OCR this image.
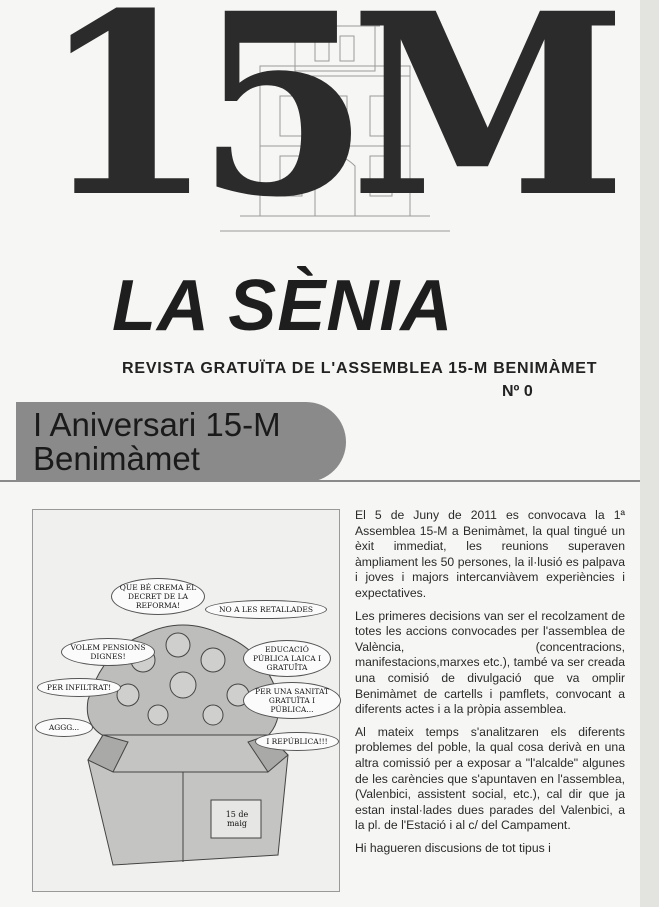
15
M
LA SÈNIA
REVISTA GRATUÏTA DE L'ASSEMBLEA 15-M BENIMÀMET
Nº 0
I Aniversari 15-M
Benimàmet
15 de maig
QUE BÉ CREMA EL DECRET DE LA REFORMA!	NO A LES RETALLADES
VOLEM PENSIONS DIGNES!
EDUCACIÓ PÚBLICA LAICA I GRATUÏTA
PER INFILTRAT!	PER UNA SANITAT GRATUÏTA I PÚBLICA...
AGGG...
I REPÚBLICA!!!

El 5 de Juny de 2011 es convocava la 1ª Assemblea 15-M a Benimàmet, la qual tingué un èxit immediat, les reunions superaven àmpliament les 50 persones, la il·lusió es palpava i joves i majors intercanviàvem experiències i expectatives.

Les primeres decisions van ser el recolzament de totes les accions convocades per l'assemblea de València, (concentracions, manifestacions,marxes etc.), també va ser creada una comisió de divulgació que va omplir Benimàmet de cartells i pamflets, convocant a diferents actes i a la pròpia assemblea.

Al mateix temps s'analitzaren els diferents problemes del poble, la qual cosa derivà en una altra comissió per a exposar a "l'alcalde" algunes de les carències que s'apuntaven en l'assemblea, (Valenbici, assistent social, etc.), cal dir que ja estan instal·lades dues parades del Valenbici, a la pl. de l'Estació i al c/ del Campament.

Hi hagueren discusions de tot tipus i
